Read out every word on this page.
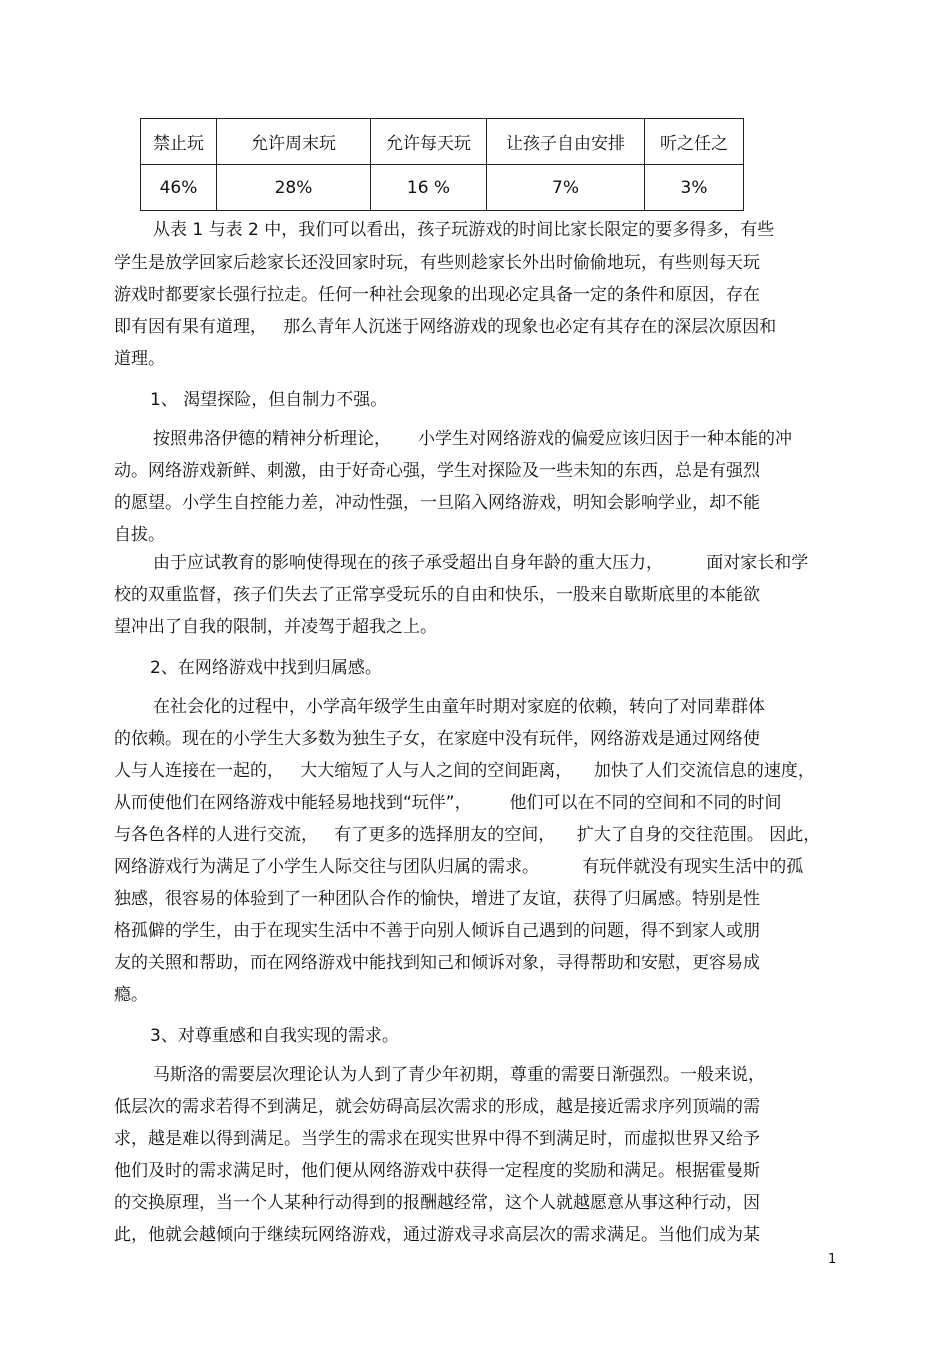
禁止玩	允许周末玩	允许每天玩	让孩子自由安排	听之任之
46%	28%	16 %	7%	3%

从表 1 与表 2 中，我们可以看出，孩子玩游戏的时间比家长限定的要多得多，有些

学生是放学回家后趁家长还没回家时玩，有些则趁家长外出时偷偷地玩，有些则每天玩

游戏时都要家长强行拉走。任何一种社会现象的出现必定具备一定的条件和原因，存在

即有因有果有道理，   那么青年人沉迷于网络游戏的现象也必定有其存在的深层次原因和

道理。

1、 渴望探险，但自制力不强。

按照弗洛伊德的精神分析理论，     小学生对网络游戏的偏爱应该归因于一种本能的冲

动。网络游戏新鲜、刺激，由于好奇心强，学生对探险及一些未知的东西，总是有强烈

的愿望。小学生自控能力差，冲动性强，一旦陷入网络游戏，明知会影响学业，却不能

自拔。

由于应试教育的影响使得现在的孩子承受超出自身年龄的重大压力，        面对家长和学

校的双重监督，孩子们失去了正常享受玩乐的自由和快乐，一股来自歇斯底里的本能欲

望冲出了自我的限制，并凌驾于超我之上。

2、在网络游戏中找到归属感。

在社会化的过程中，小学高年级学生由童年时期对家庭的依赖，转向了对同辈群体

的依赖。现在的小学生大多数为独生子女，在家庭中没有玩伴，网络游戏是通过网络使

人与人连接在一起的，   大大缩短了人与人之间的空间距离，    加快了人们交流信息的速度，

从而使他们在网络游戏中能轻易地找到“玩伴”，       他们可以在不同的空间和不同的时间

与各色各样的人进行交流，   有了更多的选择朋友的空间，    扩大了自身的交往范围。 因此，

网络游戏行为满足了小学生人际交往与团队归属的需求。        有玩伴就没有现实生活中的孤

独感，很容易的体验到了一种团队合作的愉快，增进了友谊，获得了归属感。特别是性

格孤僻的学生，由于在现实生活中不善于向别人倾诉自己遇到的问题，得不到家人或朋

友的关照和帮助，而在网络游戏中能找到知己和倾诉对象，寻得帮助和安慰，更容易成

瘾。

3、对尊重感和自我实现的需求。

马斯洛的需要层次理论认为人到了青少年初期，尊重的需要日渐强烈。一般来说，

低层次的需求若得不到满足，就会妨碍高层次需求的形成，越是接近需求序列顶端的需

求，越是难以得到满足。当学生的需求在现实世界中得不到满足时，而虚拟世界又给予

他们及时的需求满足时，他们便从网络游戏中获得一定程度的奖励和满足。根据霍曼斯

的交换原理，当一个人某种行动得到的报酬越经常，这个人就越愿意从事这种行动，因

此，他就会越倾向于继续玩网络游戏，通过游戏寻求高层次的需求满足。当他们成为某

1
